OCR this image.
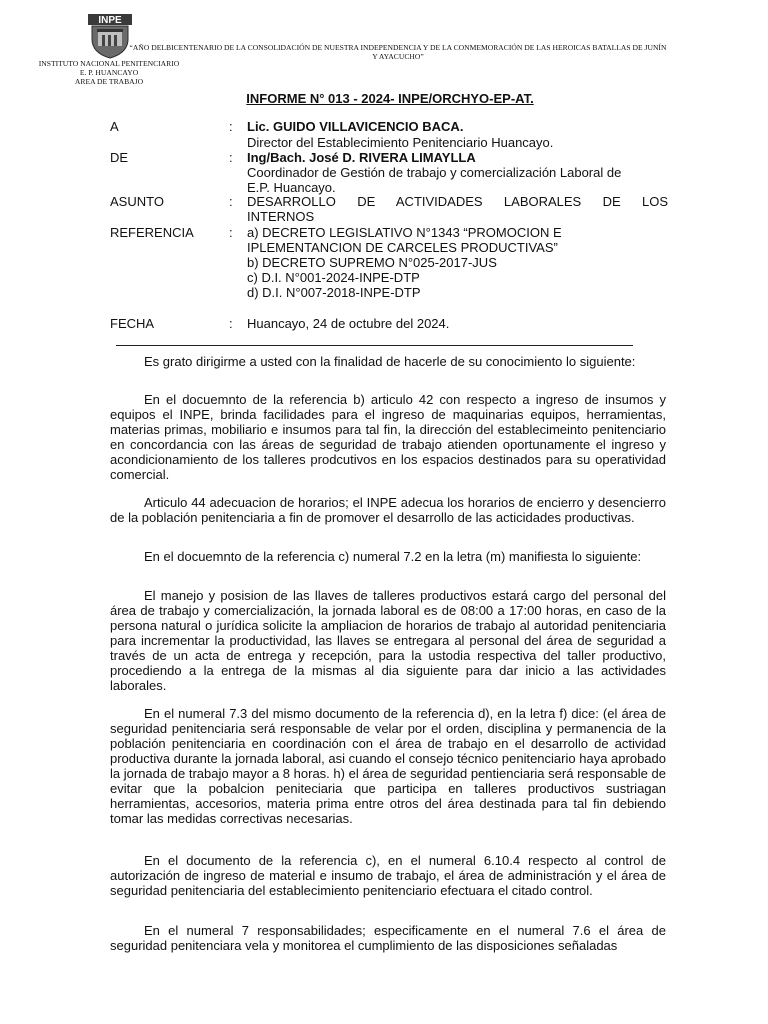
INPE
“AÑO DELBICENTENARIO DE LA CONSOLIDACIÓN DE NUESTRA INDEPENDENCIA Y DE LA CONMEMORACIÓN DE LAS HEROICAS BATALLAS DE JUNÍN Y AYACUCHO”
INSTITUTO NACIONAL PENITENCIARIO
E. P. HUANCAYO
AREA DE TRABAJO
INFORME N° 013 - 2024- INPE/ORCHYO-EP-AT.
A	: Lic. GUIDO VILLAVICENCIO BACA.
Director del Establecimiento Penitenciario Huancayo.
DE	: Ing/Bach. José D. RIVERA LIMAYLLA
Coordinador de Gestión de trabajo y comercialización Laboral de
E.P. Huancayo.
ASUNTO	: DESARROLLO DE ACTIVIDADES LABORALES DE LOS
INTERNOS
REFERENCIA	: a) DECRETO LEGISLATIVO N°1343 “PROMOCION E
IPLEMENTANCION DE CARCELES PRODUCTIVAS”
b) DECRETO SUPREMO N°025-2017-JUS
c) D.I. N°001-2024-INPE-DTP
d) D.I. N°007-2018-INPE-DTP
FECHA	: Huancayo, 24 de octubre del 2024.

Es grato dirigirme a usted con la finalidad de hacerle de su conocimiento lo siguiente:

En el docuemnto de la referencia b) articulo 42 con respecto a ingreso de insumos y equipos el INPE, brinda facilidades para el ingreso de maquinarias equipos, herramientas, materias primas, mobiliario e insumos para tal fin, la dirección del establecimeinto penitenciario en concordancia con las áreas de seguridad de trabajo atienden oportunamente el ingreso y acondicionamiento de los talleres prodcutivos en los espacios destinados para su operatividad comercial.

Articulo 44 adecuacion de horarios; el INPE adecua los horarios de encierro y desencierro de la población penitenciaria a fin de promover el desarrollo de las acticidades productivas.

En el docuemnto de la referencia c) numeral 7.2 en la letra (m) manifiesta lo siguiente:

El manejo y posision de las llaves de talleres productivos estará cargo del personal del área de trabajo y comercialización, la jornada laboral es de 08:00 a 17:00 horas, en caso de la persona natural o jurídica solicite la ampliacion de horarios de trabajo al autoridad penitenciaria para incrementar la productividad, las llaves se entregara al personal del área de seguridad a través de un acta de entrega y recepción, para la ustodia respectiva del taller productivo, procediendo a la entrega de la mismas al dia siguiente para dar inicio a las actividades laborales.

En el numeral 7.3 del mismo documento de la referencia d), en la letra f) dice: (el área de seguridad penitenciaria será responsable de velar por el orden, disciplina y permanencia de la población penitenciaria en coordinación con el área de trabajo en el desarrollo de actividad productiva durante la jornada laboral, asi cuando el consejo técnico penitenciario haya aprobado la jornada de trabajo mayor a 8 horas. h) el área de seguridad pentienciaria será responsable de evitar que la pobalcion peniteciaria que participa en talleres productivos sustriagan herramientas, accesorios, materia prima entre otros del área destinada para tal fin debiendo tomar las medidas correctivas necesarias.

En el documento de la referencia c), en el numeral 6.10.4 respecto al control de autorización de ingreso de material e insumo de trabajo, el área de administración y el área de seguridad penitenciaria del establecimiento penitenciario efectuara el citado control.

En el numeral 7 responsabilidades; especificamente en el numeral 7.6 el área de seguridad penitenciara vela y monitorea el cumplimiento de las disposiciones señaladas
